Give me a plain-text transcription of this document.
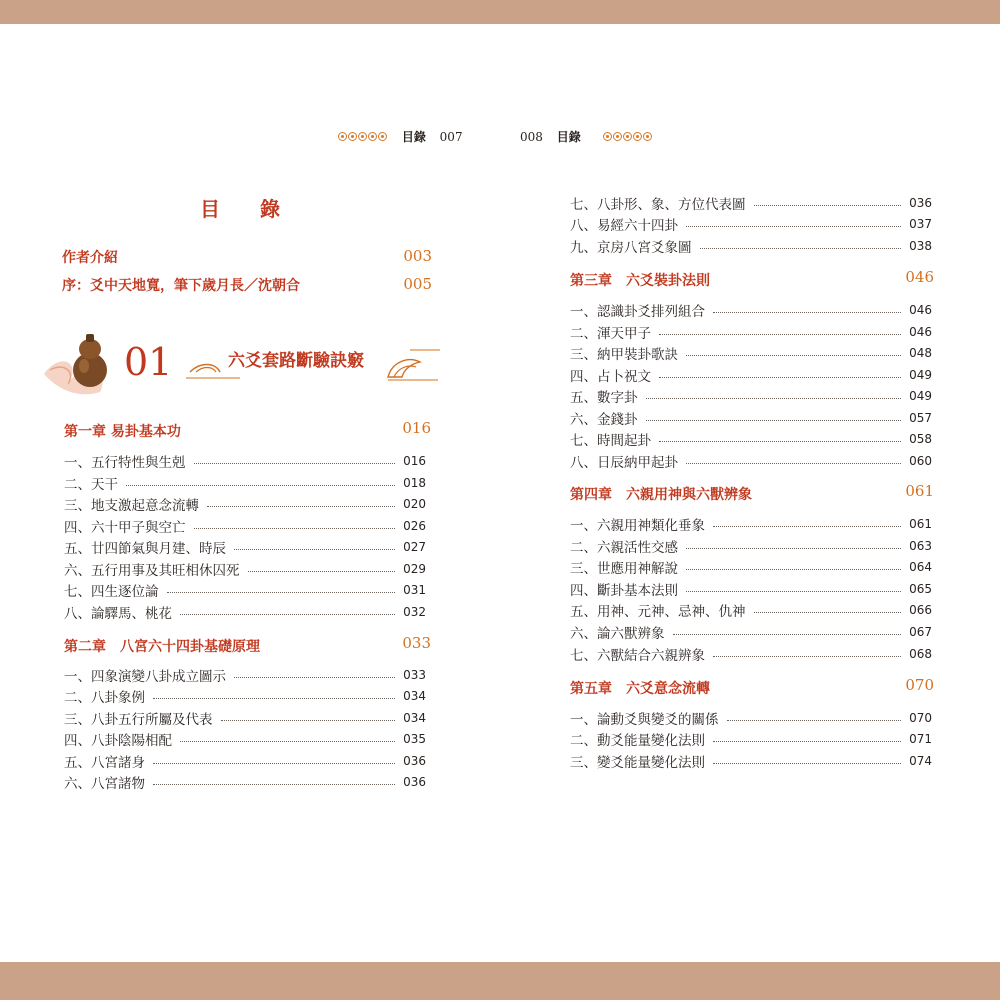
目錄 007	008 目錄
目錄
作者介紹	003
序：爻中天地寬，筆下歲月長／沈朝合	005
01	六爻套路斷驗訣竅
第一章 易卦基本功	016
一、五行特性與生剋	016
二、天干	018
三、地支激起意念流轉	020
四、六十甲子與空亡	026
五、廿四節氣與月建、時辰	027
六、五行用事及其旺相休囚死	029
七、四生逐位論	031
八、論驛馬、桃花	032
第二章　八宮六十四卦基礎原理	033
一、四象演變八卦成立圖示	033
二、八卦象例	034
三、八卦五行所屬及代表	034
四、八卦陰陽相配	035
五、八宮諸身	036
六、八宮諸物	036
七、八卦形、象、方位代表圖	036
八、易經六十四卦	037
九、京房八宮爻象圖	038
第三章　六爻裝卦法則	046
一、認識卦爻排列組合	046
二、渾天甲子	046
三、納甲裝卦歌訣	048
四、占卜祝文	049
五、數字卦	049
六、金錢卦	057
七、時間起卦	058
八、日辰納甲起卦	060
第四章　六親用神與六獸辨象	061
一、六親用神類化垂象	061
二、六親活性交感	063
三、世應用神解說	064
四、斷卦基本法則	065
五、用神、元神、忌神、仇神	066
六、論六獸辨象	067
七、六獸結合六親辨象	068
第五章　六爻意念流轉	070
一、論動爻與變爻的關係	070
二、動爻能量變化法則	071
三、變爻能量變化法則	074
